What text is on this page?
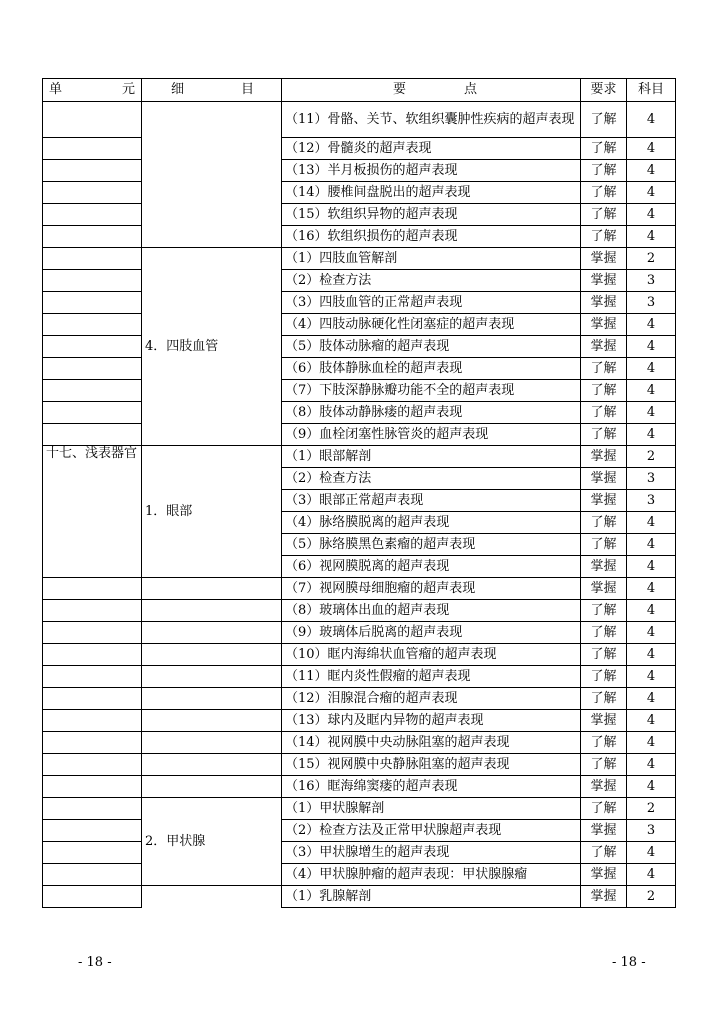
单 元	细 目	要 点	要求	科目
		（11）骨骼、关节、软组织囊肿性疾病的超声表现	了解	4
		（12）骨髓炎的超声表现	了解	4
		（13）半月板损伤的超声表现	了解	4
		（14）腰椎间盘脱出的超声表现	了解	4
		（15）软组织异物的超声表现	了解	4
		（16）软组织损伤的超声表现	了解	4
	4．四肢血管	（1）四肢血管解剖	掌握	2
		（2）检查方法	掌握	3
		（3）四肢血管的正常超声表现	掌握	3
		（4）四肢动脉硬化性闭塞症的超声表现	掌握	4
		（5）肢体动脉瘤的超声表现	掌握	4
		（6）肢体静脉血栓的超声表现	了解	4
		（7）下肢深静脉瓣功能不全的超声表现	了解	4
		（8）肢体动静脉瘘的超声表现	了解	4
		（9）血栓闭塞性脉管炎的超声表现	了解	4
十七、浅表器官	1．眼部	（1）眼部解剖	掌握	2
		（2）检查方法	掌握	3
		（3）眼部正常超声表现	掌握	3
		（4）脉络膜脱离的超声表现	了解	4
		（5）脉络膜黑色素瘤的超声表现	了解	4
		（6）视网膜脱离的超声表现	掌握	4
		（7）视网膜母细胞瘤的超声表现	掌握	4
		（8）玻璃体出血的超声表现	了解	4
		（9）玻璃体后脱离的超声表现	了解	4
		（10）眶内海绵状血管瘤的超声表现	了解	4
		（11）眶内炎性假瘤的超声表现	了解	4
		（12）泪腺混合瘤的超声表现	了解	4
		（13）球内及眶内异物的超声表现	掌握	4
		（14）视网膜中央动脉阻塞的超声表现	了解	4
		（15）视网膜中央静脉阻塞的超声表现	了解	4
		（16）眶海绵窦瘘的超声表现	掌握	4
	2．甲状腺	（1）甲状腺解剖	了解	2
		（2）检查方法及正常甲状腺超声表现	掌握	3
		（3）甲状腺增生的超声表现	了解	4
		（4）甲状腺肿瘤的超声表现：甲状腺腺瘤	掌握	4
		（1）乳腺解剖	掌握	2
- 18 -	- 18 -
